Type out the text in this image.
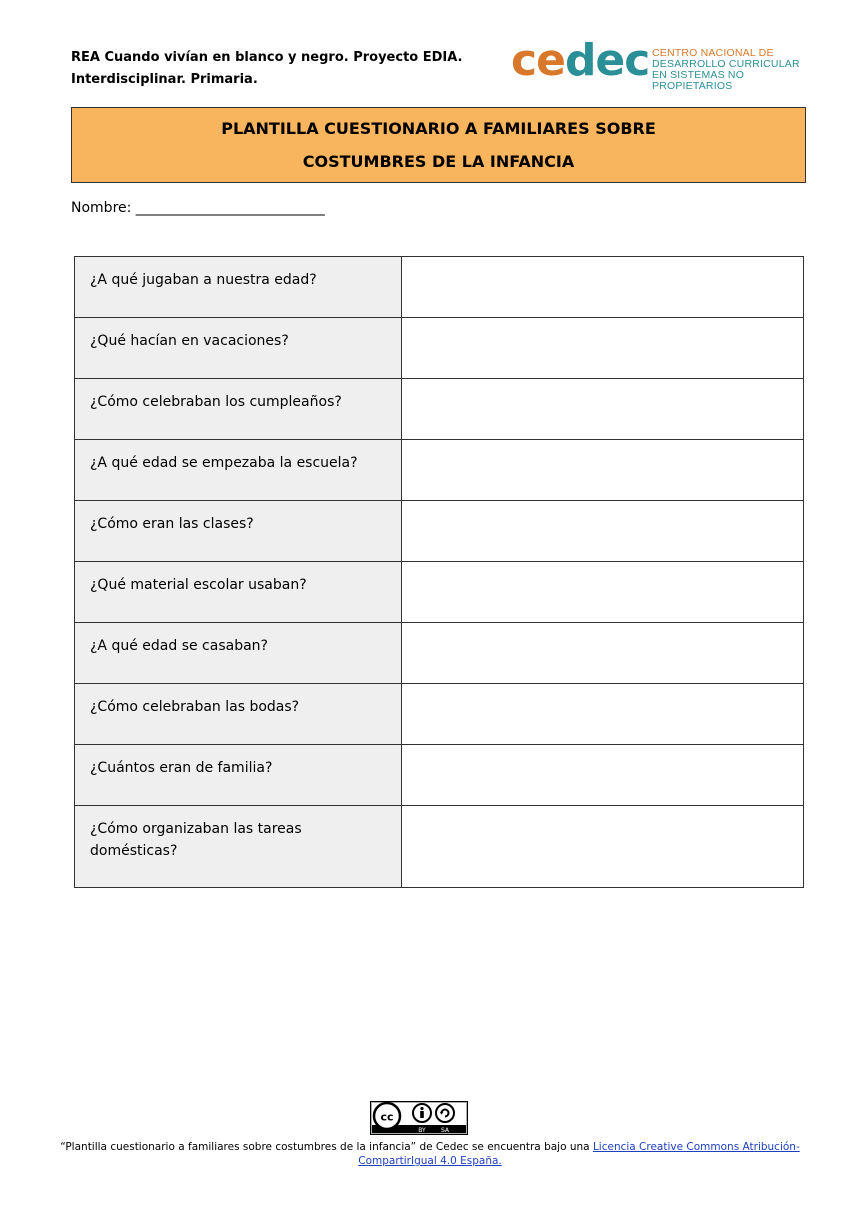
REA Cuando vivían en blanco y negro. Proyecto EDIA.
Interdisciplinar. Primaria.	cedec CENTRO NACIONAL DE
DESARROLLO CURRICULAR
EN SISTEMAS NO PROPIETARIOS
PLANTILLA CUESTIONARIO A FAMILIARES SOBRE
COSTUMBRES DE LA INFANCIA
Nombre: ___________________________
¿A qué jugaban a nuestra edad?	
¿Qué hacían en vacaciones?	
¿Cómo celebraban los cumpleaños?	
¿A qué edad se empezaba la escuela?	
¿Cómo eran las clases?	
¿Qué material escolar usaban?	
¿A qué edad se casaban?	
¿Cómo celebraban las bodas?	
¿Cuántos eran de familia?	
¿Cómo organizaban las tareas domésticas?	
cc
BY	SA
“Plantilla cuestionario a familiares sobre costumbres de la infancia” de Cedec se encuentra bajo una Licencia Creative Commons Atribución-
CompartirIgual 4.0 España.
